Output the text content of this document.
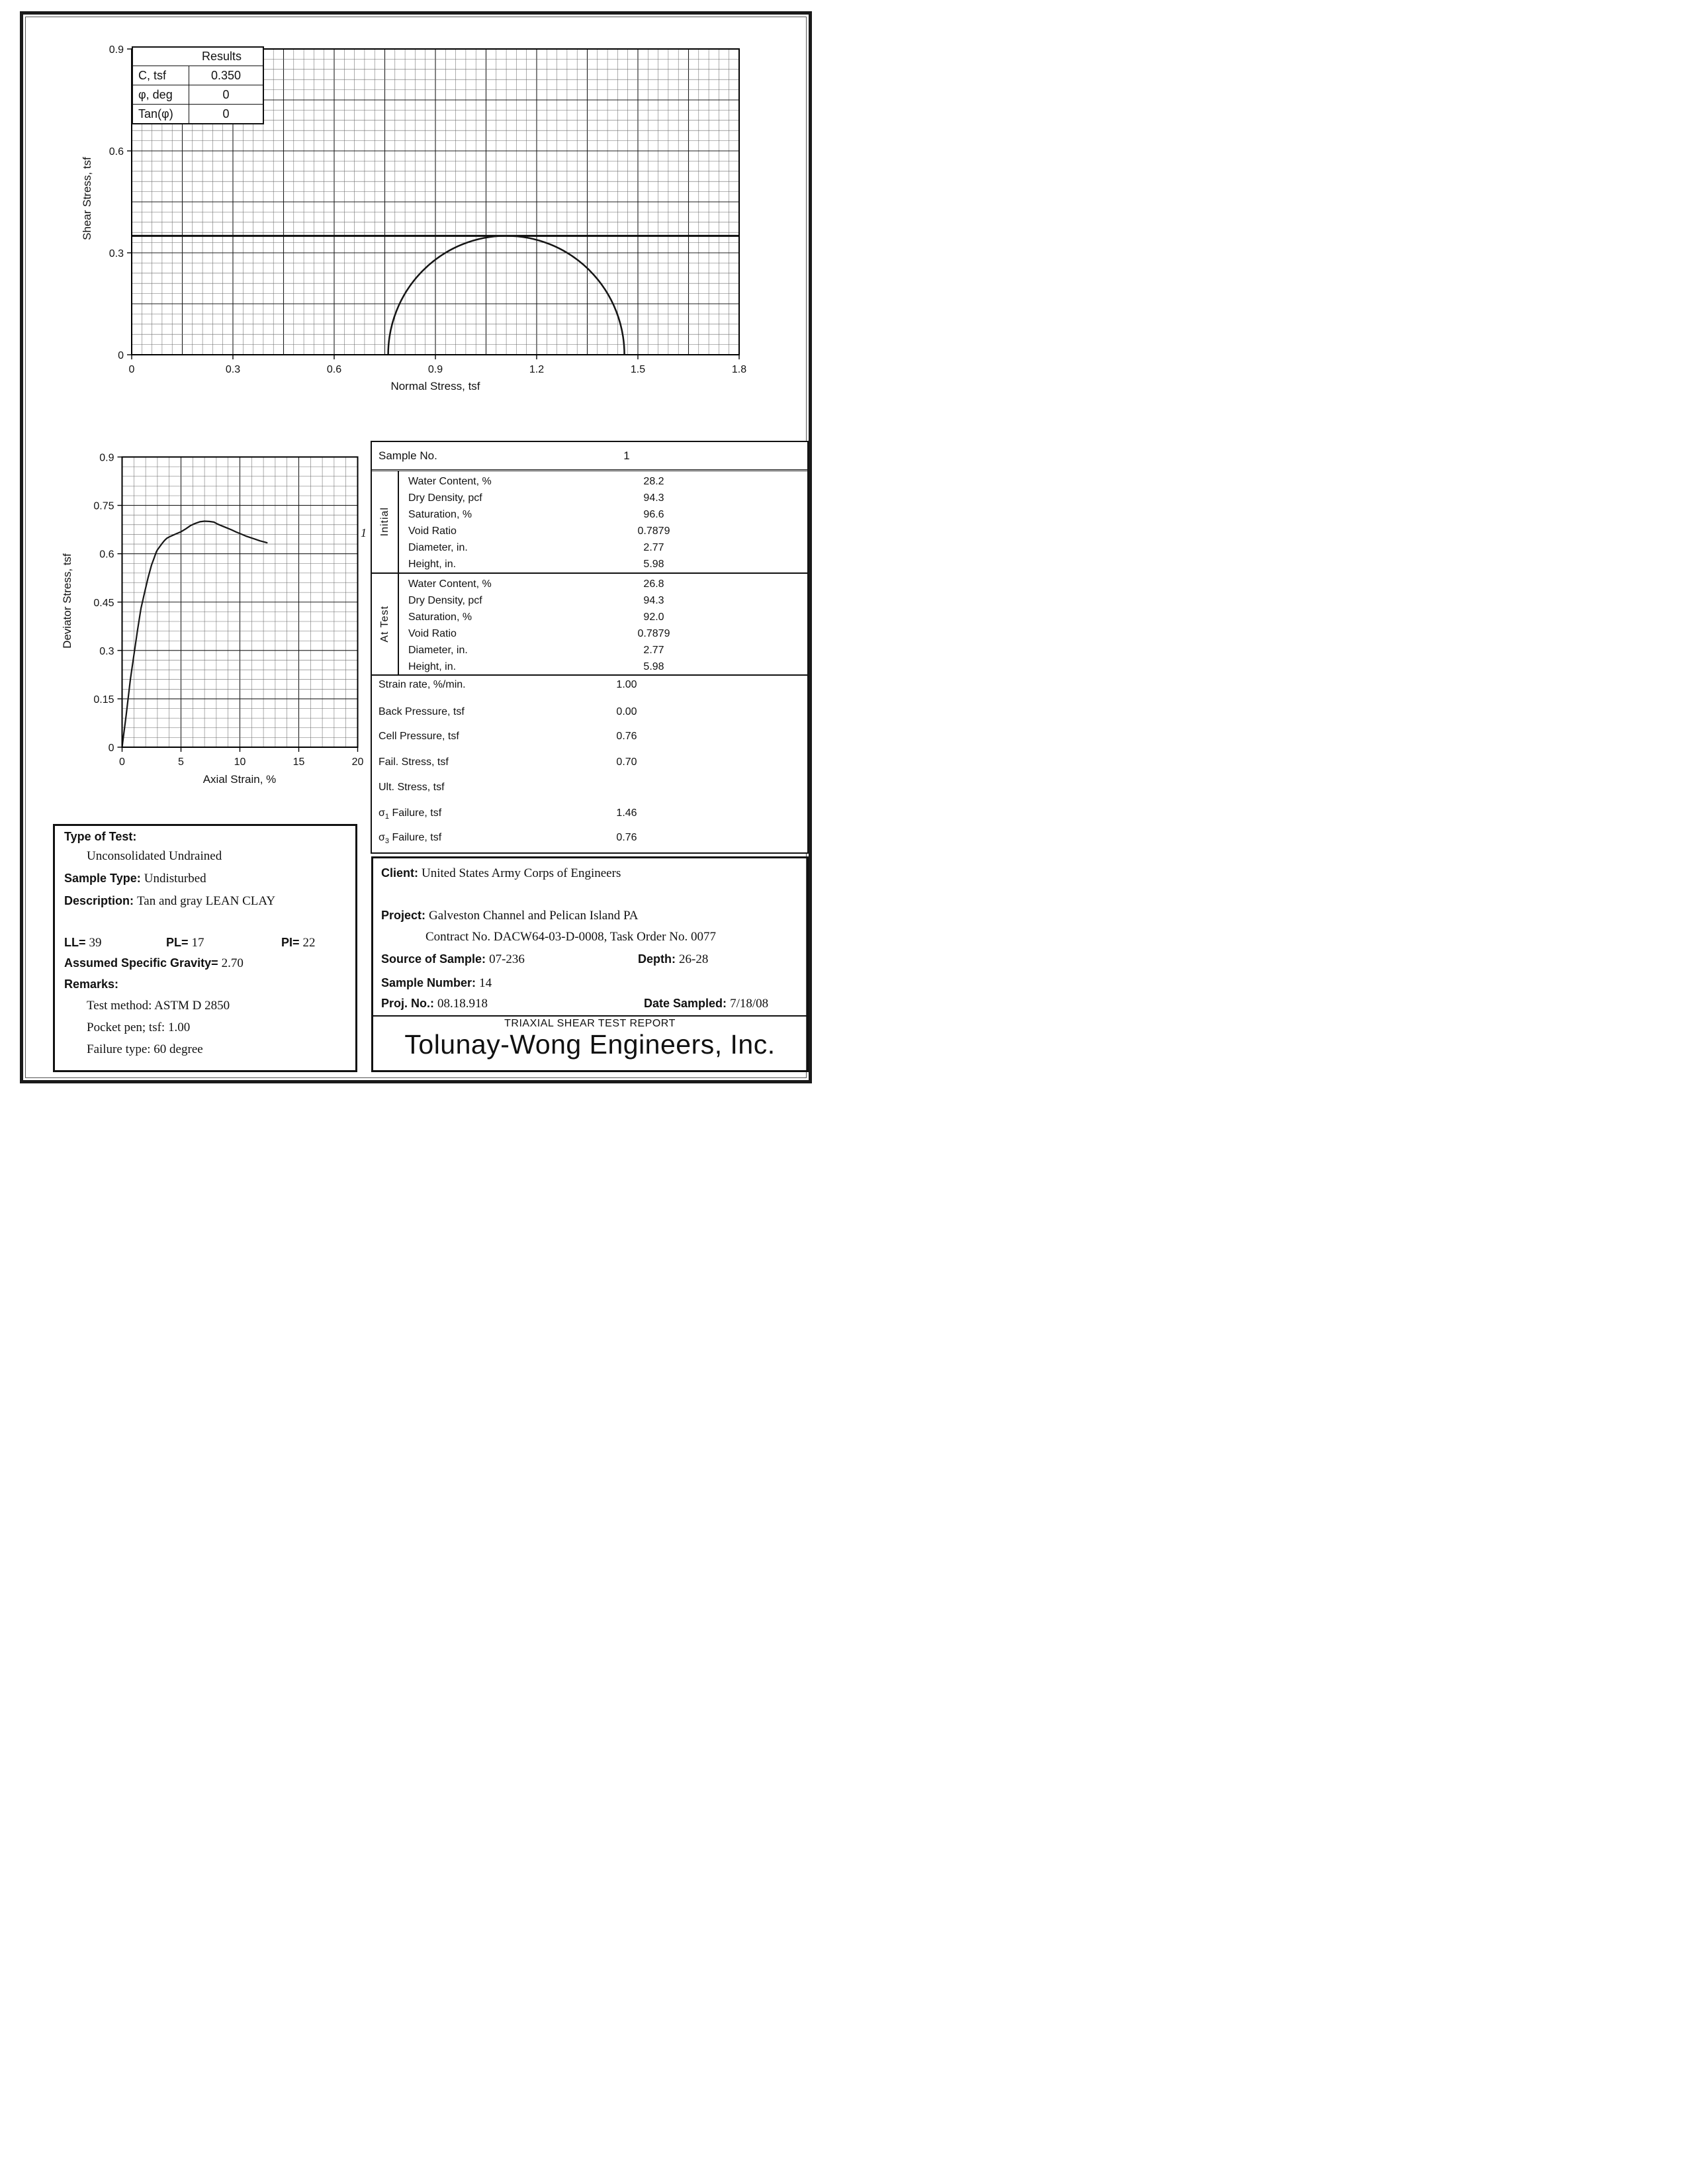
0	0.3	0.6	0.9	1.2	1.5	1.8
0
0.3
0.6
0.9
Shear Stress, tsf
Normal Stress, tsf
Results
C, tsf	0.350
φ, deg	0
Tan(φ)	0
0	5	10	15	20
0
0.15
0.3
0.45
0.6
0.75
0.9
Deviator Stress, tsf
Axial Strain, %
1
Sample No.	1
Initial
Water Content, %	28.2
Dry Density, pcf	94.3
Saturation, %	96.6
Void Ratio	0.7879
Diameter, in.	2.77
Height, in.	5.98
At Test
Water Content, %	26.8
Dry Density, pcf	94.3
Saturation, %	92.0
Void Ratio	0.7879
Diameter, in.	2.77
Height, in.	5.98
Strain rate, %/min.	1.00
Back Pressure, tsf	0.00
Cell Pressure, tsf	0.76
Fail. Stress, tsf	0.70
Ult. Stress, tsf
$\sigma_1$ Failure, tsf	1.46
$\sigma_3$ Failure, tsf	0.76
Type of Test:
Unconsolidated Undrained
Sample Type: Undisturbed
Description: Tan and gray LEAN CLAY
LL= 39	PL= 17	PI= 22
Assumed Specific Gravity= 2.70
Remarks:
Test method: ASTM D 2850
Pocket pen; tsf: 1.00
Failure type: 60 degree
Client: United States Army Corps of Engineers
Project: Galveston Channel and Pelican Island PA
Contract No. DACW64-03-D-0008, Task Order No. 0077
Source of Sample: 07-236	Depth: 26-28
Sample Number: 14
Proj. No.: 08.18.918	Date Sampled: 7/18/08
TRIAXIAL SHEAR TEST REPORT
Tolunay-Wong Engineers, Inc.
